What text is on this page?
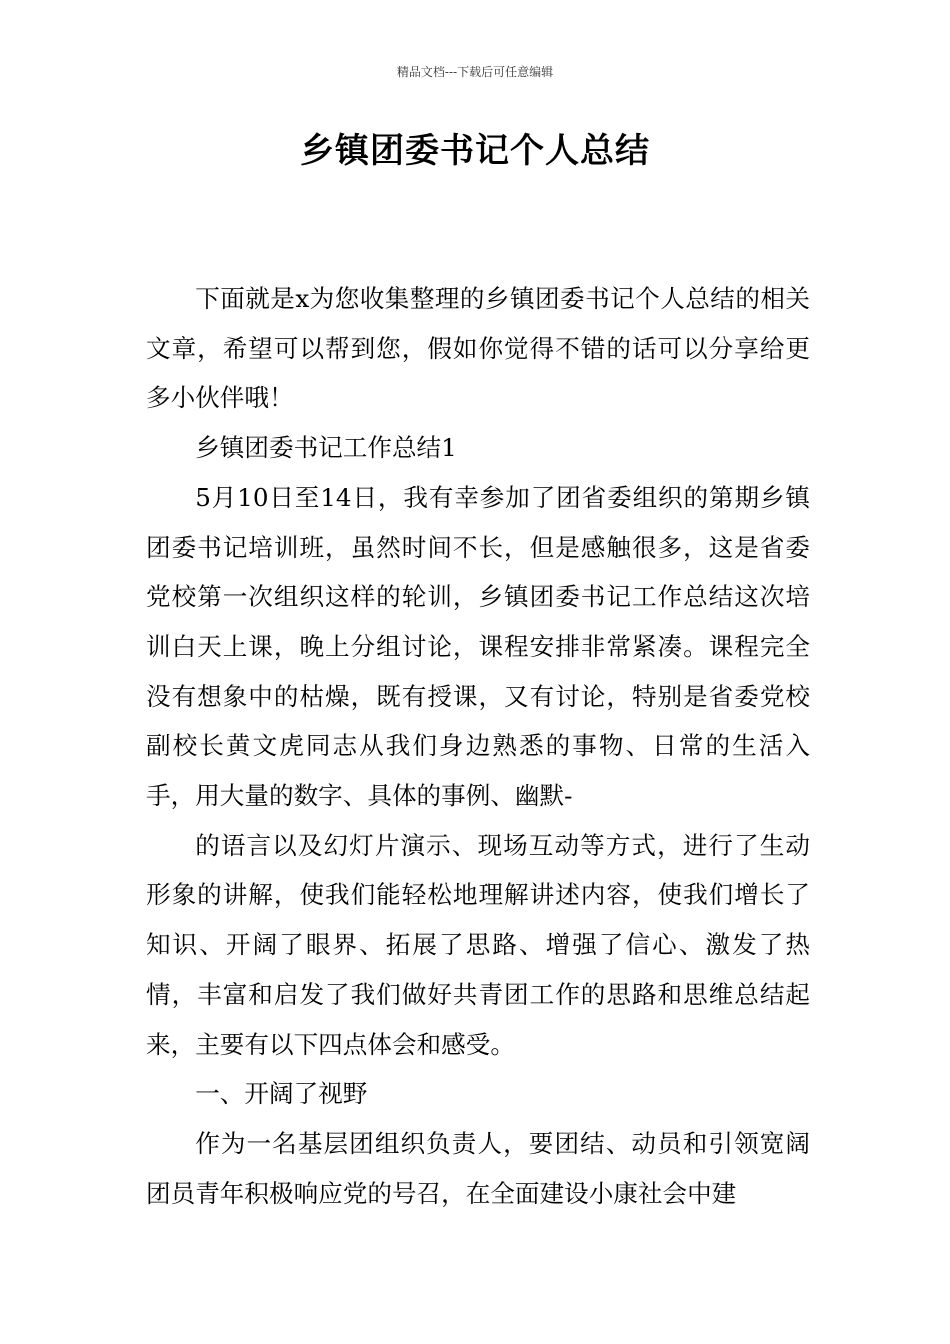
精品文档---下载后可任意编辑
乡镇团委书记个人总结

下面就是x为您收集整理的乡镇团委书记个人总结的相关文章，希望可以帮到您，假如你觉得不错的话可以分享给更多小伙伴哦！

乡镇团委书记工作总结1

5月10日至14日，我有幸参加了团省委组织的第期乡镇团委书记培训班，虽然时间不长，但是感触很多，这是省委党校第一次组织这样的轮训，乡镇团委书记工作总结这次培训白天上课，晚上分组讨论，课程安排非常紧凑。课程完全没有想象中的枯燥，既有授课，又有讨论，特别是省委党校副校长黄文虎同志从我们身边熟悉的事物、日常的生活入手，用大量的数字、具体的事例、幽默-

的语言以及幻灯片演示、现场互动等方式，进行了生动形象的讲解，使我们能轻松地理解讲述内容，使我们增长了知识、开阔了眼界、拓展了思路、增强了信心、激发了热情，丰富和启发了我们做好共青团工作的思路和思维总结起来，主要有以下四点体会和感受。

一、开阔了视野

作为一名基层团组织负责人，要团结、动员和引领宽阔团员青年积极响应党的号召，在全面建设小康社会中建
